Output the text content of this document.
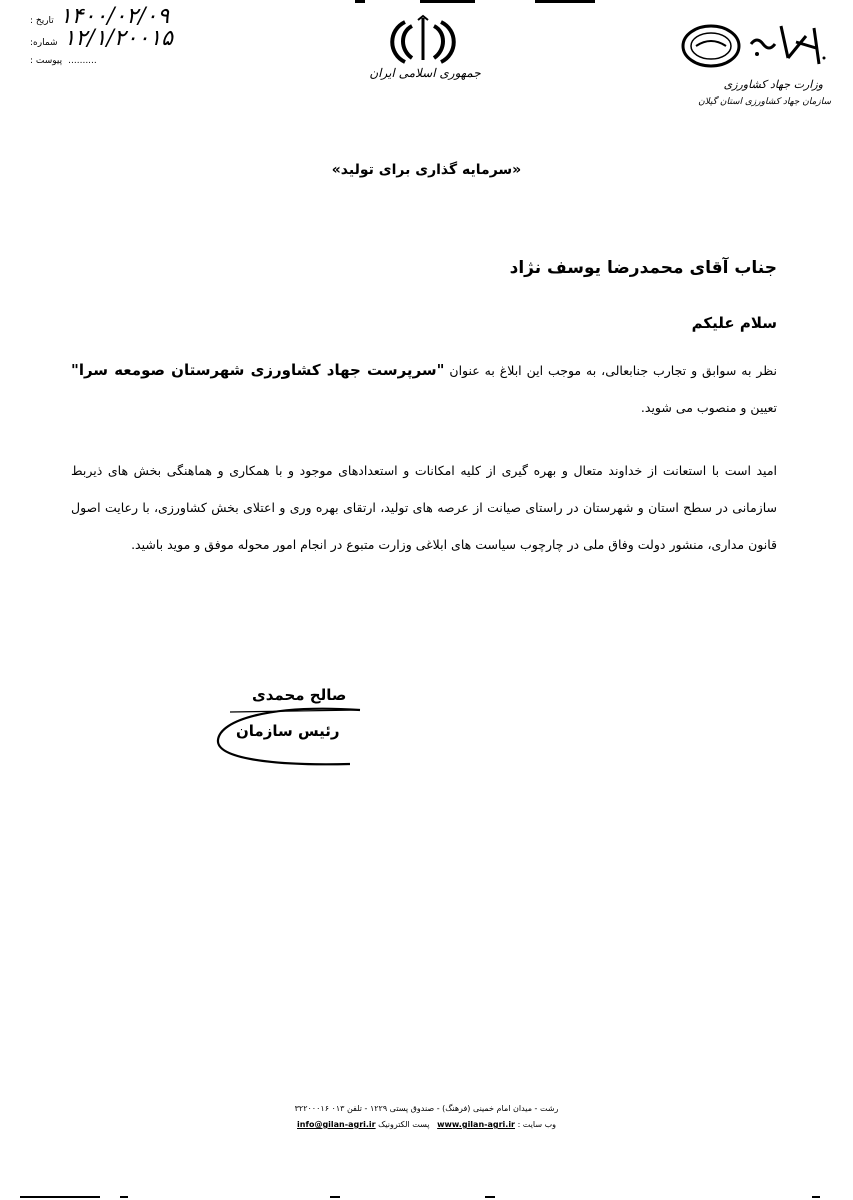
۱۴۰۰/۰۲/۰۹
تاریخ :
۱۲/۱/۲۰۰۱۵
شماره:
..........
پیوست :
جمهوری اسلامی ایران
وزارت جهاد کشاورزی
سازمان جهاد کشاورزی استان گیلان
«سرمایه گذاری برای تولید»
جناب آقای محمدرضا یوسف نژاد
سلام علیکم
نظر به سوابق و تجارب جنابعالی، به موجب این ابلاغ به عنوان "سرپرست جهاد کشاورزی شهرستان صومعه سرا" تعیین و منصوب می شوید.
امید است با استعانت از خداوند متعال و بهره گیری از کلیه امکانات و استعدادهای موجود و با همکاری و هماهنگی بخش های ذیربط سازمانی در سطح استان و شهرستان در راستای صیانت از عرصه های تولید، ارتقای بهره وری و اعتلای بخش کشاورزی، با رعایت اصول قانون مداری، منشور دولت وفاق ملی در چارچوب سیاست های ابلاغی وزارت متبوع در انجام امور محوله موفق و موید باشید.
صالح محمدی
رئیس سازمان
رشت - میدان امام خمینی (فرهنگ) - صندوق پستی ۱۲۲۹ - تلفن ۰۱۳ ۳۲۲۰۰۰۱۶
وب سایت : www.gilan-agri.ir   پست الکترونیک info@gilan-agri.ir
